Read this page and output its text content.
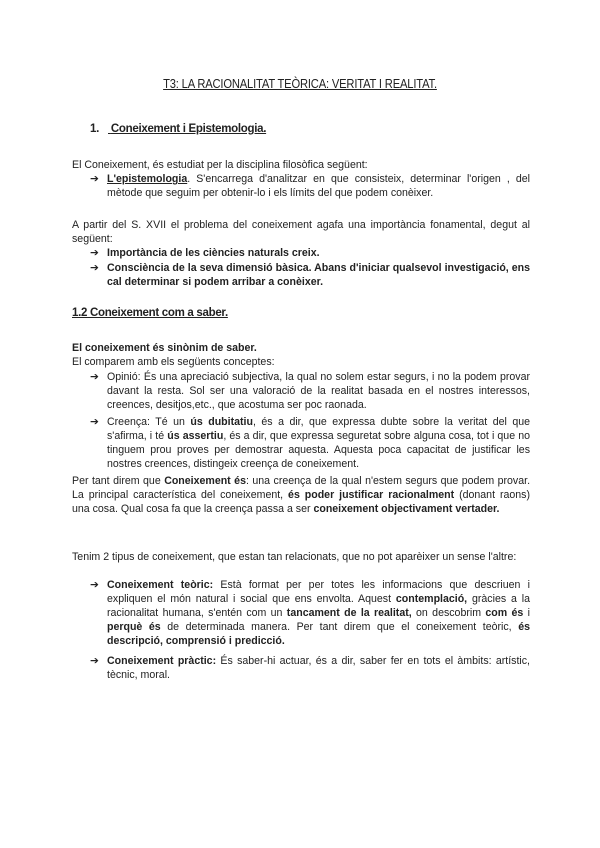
T3: LA RACIONALITAT TEÒRICA: VERITAT I REALITAT.
1. Coneixement i Epistemologia.
El Coneixement, és estudiat per la disciplina filosòfica següent:
➔ L'epistemologia. S'encarrega d'analitzar en que consisteix, determinar l'origen , del mètode que seguim per obtenir-lo i els límits del que podem conèixer.
A partir del S. XVII el problema del coneixement agafa una importància fonamental, degut al següent:
➔ Importància de les ciències naturals creix.
➔ Consciència de la seva dimensió bàsica. Abans d'iniciar qualsevol investigació, ens cal determinar si podem arribar a conèixer.
1.2 Coneixement com a saber.
El coneixement és sinònim de saber.
El comparem amb els següents conceptes:
➔ Opinió: És una apreciació subjectiva, la qual no solem estar segurs, i no la podem provar davant la resta. Sol ser una valoració de la realitat basada en el nostres interessos, creences, desitjos,etc., que acostuma ser poc raonada.
➔ Creença: Té un ús dubitatiu, és a dir, que expressa dubte sobre la veritat del que s'afirma, i té ús assertiu, és a dir, que expressa seguretat sobre alguna cosa, tot i que no tinguem prou proves per demostrar aquesta. Aquesta poca capacitat de justificar les nostres creences, distingeix creença de coneixement.
Per tant direm que Coneixement és: una creença de la qual n'estem segurs que podem provar. La principal característica del coneixement, és poder justificar racionalment (donant raons) una cosa. Qual cosa fa que la creença passa a ser coneixement objectivament vertader.
Tenim 2 tipus de coneixement, que estan tan relacionats, que no pot aparèixer un sense l'altre:
➔ Coneixement teòric: Està format per per totes les informacions que descriuen i expliquen el món natural i social que ens envolta. Aquest contemplació, gràcies a la racionalitat humana, s'entén com un tancament de la realitat, on descobrim com és i perquè és de determinada manera. Per tant direm que el coneixement teòric, és descripció, comprensió i predicció.
➔ Coneixement pràctic: És saber-hi actuar, és a dir, saber fer en tots el àmbits: artístic, tècnic, moral.
